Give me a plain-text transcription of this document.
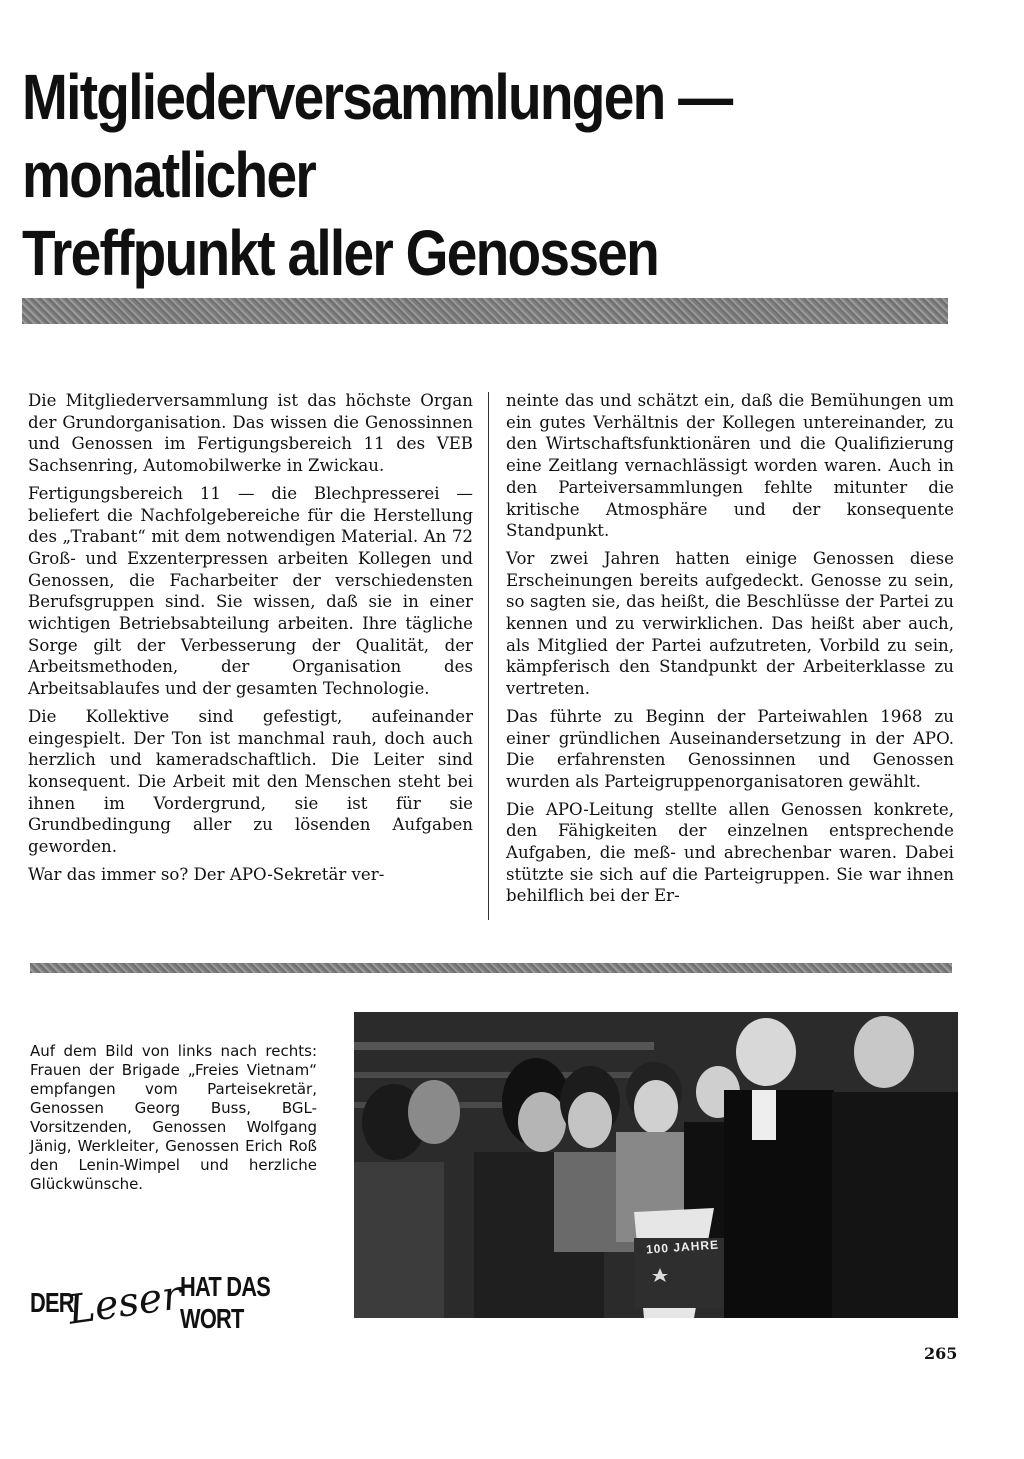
Mitgliederversammlungen —
monatlicher
Treffpunkt aller Genossen

Die Mitgliederversammlung ist das höchste Organ der Grundorganisation. Das wissen die Genossinnen und Genossen im Fertigungsbereich 11 des VEB Sachsenring, Automobilwerke in Zwickau.

Fertigungsbereich 11 — die Blechpresserei — beliefert die Nachfolgebereiche für die Herstellung des „Trabant“ mit dem notwendigen Material. An 72 Groß- und Exzenterpressen arbeiten Kollegen und Genossen, die Facharbeiter der verschiedensten Berufsgruppen sind. Sie wissen, daß sie in einer wichtigen Betriebsabteilung arbeiten. Ihre tägliche Sorge gilt der Verbesserung der Qualität, der Arbeitsmethoden, der Organisation des Arbeitsablaufes und der gesamten Technologie.

Die Kollektive sind gefestigt, aufeinander eingespielt. Der Ton ist manchmal rauh, doch auch herzlich und kameradschaftlich. Die Leiter sind konsequent. Die Arbeit mit den Menschen steht bei ihnen im Vordergrund, sie ist für sie Grundbedingung aller zu lösenden Aufgaben geworden.

War das immer so? Der APO-Sekretär ver-

neinte das und schätzt ein, daß die Bemühungen um ein gutes Verhältnis der Kollegen untereinander, zu den Wirtschaftsfunktionären und die Qualifizierung eine Zeitlang vernachlässigt worden waren. Auch in den Parteiversammlungen fehlte mitunter die kritische Atmosphäre und der konsequente Standpunkt.

Vor zwei Jahren hatten einige Genossen diese Erscheinungen bereits aufgedeckt. Genosse zu sein, so sagten sie, das heißt, die Beschlüsse der Partei zu kennen und zu verwirklichen. Das heißt aber auch, als Mitglied der Partei aufzutreten, Vorbild zu sein, kämpferisch den Standpunkt der Arbeiterklasse zu vertreten.

Das führte zu Beginn der Parteiwahlen 1968 zu einer gründlichen Auseinandersetzung in der APO. Die erfahrensten Genossinnen und Genossen wurden als Parteigruppenorganisatoren gewählt.

Die APO-Leitung stellte allen Genossen konkrete, den Fähigkeiten der einzelnen entsprechende Aufgaben, die meß- und abrechenbar waren. Dabei stützte sie sich auf die Parteigruppen. Sie war ihnen behilflich bei der Er-

Auf dem Bild von links nach rechts: Frauen der Brigade „Freies Vietnam“ empfangen vom Parteisekretär, Genossen Georg Buss, BGL-Vorsitzenden, Genossen Wolfgang Jänig, Werkleiter, Genossen Erich Roß den Lenin-Wimpel und herzliche Glückwünsche.

100 JAHRE
DER
Leser
HAT DAS WORT
265
